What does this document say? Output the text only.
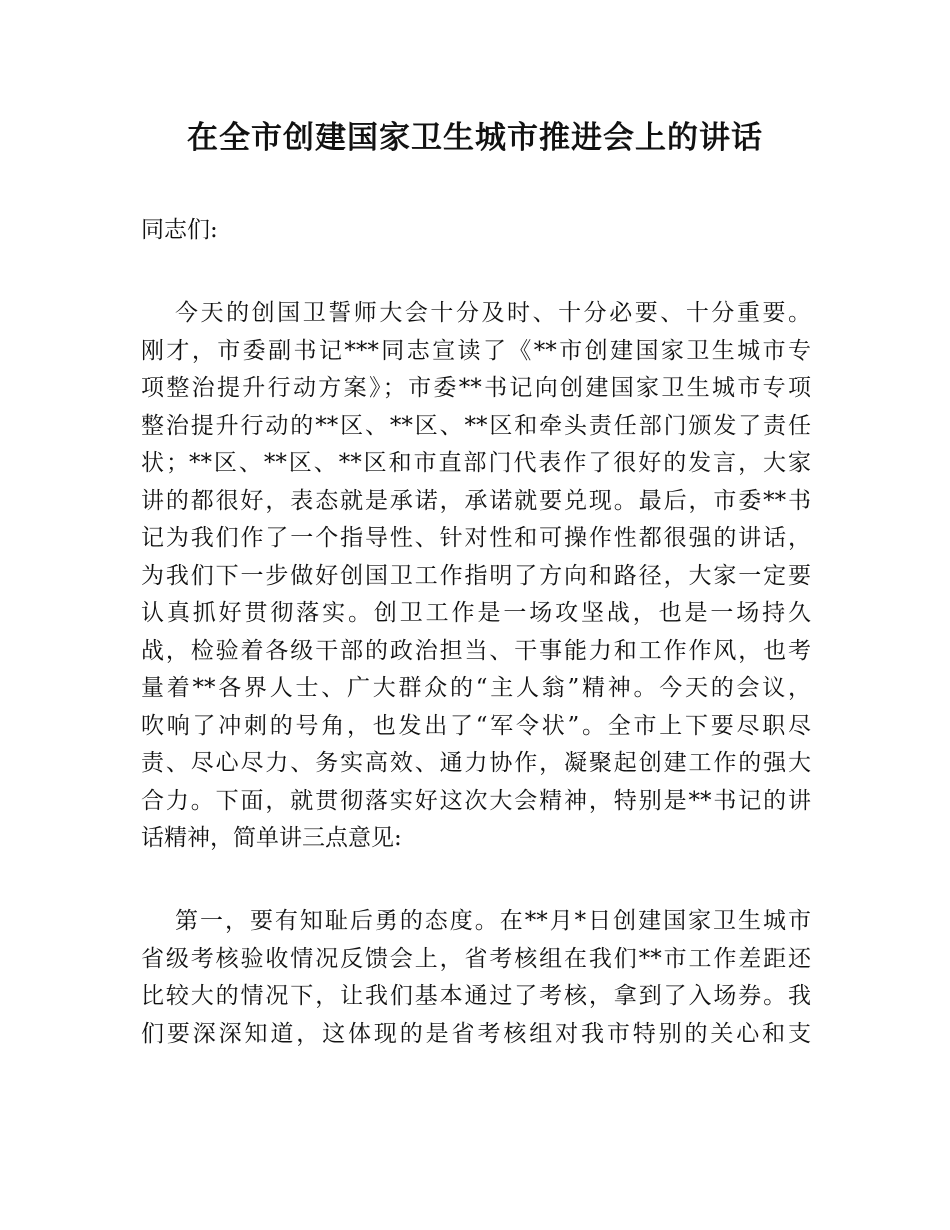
在全市创建国家卫生城市推进会上的讲话
同志们:
今天的创国卫誓师大会十分及时、十分必要、十分重要。
刚才，市委副书记***同志宣读了《**市创建国家卫生城市专
项整治提升行动方案》；市委**书记向创建国家卫生城市专项
整治提升行动的**区、**区、**区和牵头责任部门颁发了责任
状；**区、**区、**区和市直部门代表作了很好的发言，大家
讲的都很好，表态就是承诺，承诺就要兑现。最后，市委**书
记为我们作了一个指导性、针对性和可操作性都很强的讲话，
为我们下一步做好创国卫工作指明了方向和路径，大家一定要
认真抓好贯彻落实。创卫工作是一场攻坚战，也是一场持久
战，检验着各级干部的政治担当、干事能力和工作作风，也考
量着**各界人士、广大群众的“主人翁”精神。今天的会议，
吹响了冲刺的号角，也发出了“军令状”。全市上下要尽职尽
责、尽心尽力、务实高效、通力协作，凝聚起创建工作的强大
合力。下面，就贯彻落实好这次大会精神，特别是**书记的讲
话精神，简单讲三点意见:
第一，要有知耻后勇的态度。在**月*日创建国家卫生城市
省级考核验收情况反馈会上，省考核组在我们**市工作差距还
比较大的情况下，让我们基本通过了考核，拿到了入场券。我
们要深深知道，这体现的是省考核组对我市特别的关心和支
